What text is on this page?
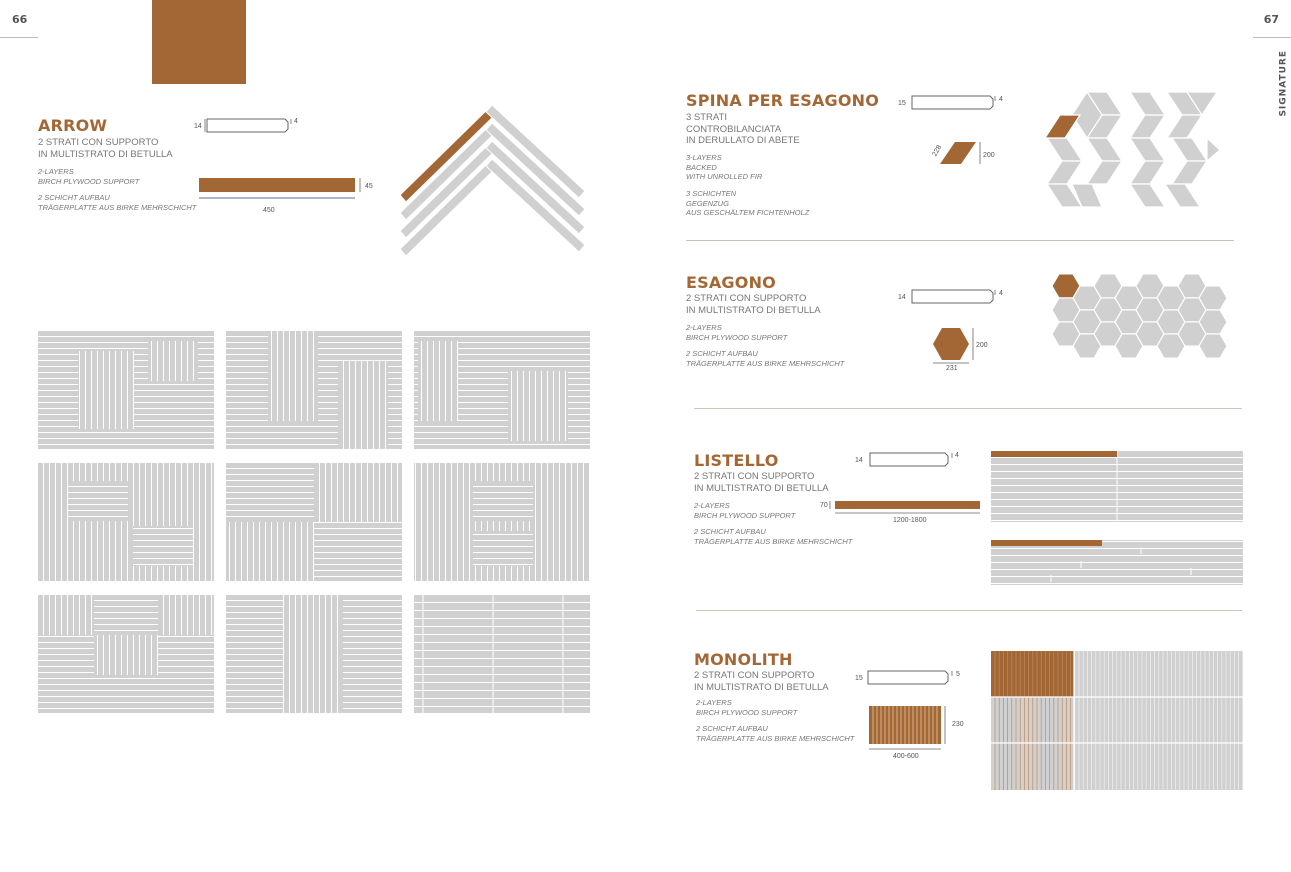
66	67
SIGNATURE
ARROW
2 STRATI CON SUPPORTO
IN MULTISTRATO DI BETULLA
2-LAYERS
BIRCH PLYWOOD SUPPORT
2 SCHICHT AUFBAU
TRÄGERPLATTE AUS BIRKE MEHRSCHICHT
14
4
45
450
SPINA PER ESAGONO
3 STRATI
CONTROBILANCIATA
IN DERULLATO DI ABETE
3-LAYERS
BACKED
WITH UNROLLED FIR
3 SCHICHTEN
GEGENZUG
AUS GESCHÄLTEM FICHTENHOLZ
15
4
200
228
ESAGONO
2 STRATI CON SUPPORTO
IN MULTISTRATO DI BETULLA
2-LAYERS
BIRCH PLYWOOD SUPPORT
2 SCHICHT AUFBAU
TRÄGERPLATTE AUS BIRKE MEHRSCHICHT
14
4
200
231
LISTELLO
2 STRATI CON SUPPORTO
IN MULTISTRATO DI BETULLA
2-LAYERS
BIRCH PLYWOOD SUPPORT
2 SCHICHT AUFBAU
TRÄGERPLATTE AUS BIRKE MEHRSCHICHT
14
4
70
1200-1800
MONOLITH
2 STRATI CON SUPPORTO
IN MULTISTRATO DI BETULLA
2-LAYERS
BIRCH PLYWOOD SUPPORT
2 SCHICHT AUFBAU
TRÄGERPLATTE AUS BIRKE MEHRSCHICHT
15
5
230
400-600
